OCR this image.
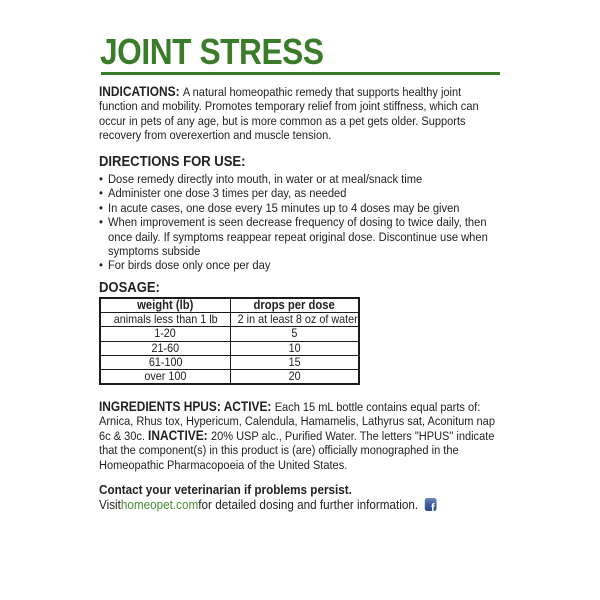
JOINT STRESS
INDICATIONS: A natural homeopathic remedy that supports healthy joint function and mobility. Promotes temporary relief from joint stiffness, which can occur in pets of any age, but is more common as a pet gets older. Supports recovery from overexertion and muscle tension.
DIRECTIONS FOR USE:
• Dose remedy directly into mouth, in water or at meal/snack time
• Administer one dose 3 times per day, as needed
• In acute cases, one dose every 15 minutes up to 4 doses may be given
• When improvement is seen decrease frequency of dosing to twice daily, then once daily. If symptoms reappear repeat original dose. Discontinue use when symptoms subside
• For birds dose only once per day
DOSAGE:
weight (lb)	drops per dose
animals less than 1 lb	2 in at least 8 oz of water
1-20	5
21-60	10
61-100	15
over 100	20
INGREDIENTS HPUS: ACTIVE: Each 15 mL bottle contains equal parts of: Arnica, Rhus tox, Hypericum, Calendula, Hamamelis, Lathyrus sat, Aconitum nap 6c & 30c. INACTIVE: 20% USP alc., Purified Water. The letters "HPUS" indicate that the component(s) in this product is (are) officially monographed in the Homeopathic Pharmacopoeia of the United States.
Contact your veterinarian if problems persist.
Visit homeopet.com for detailed dosing and further information. f
